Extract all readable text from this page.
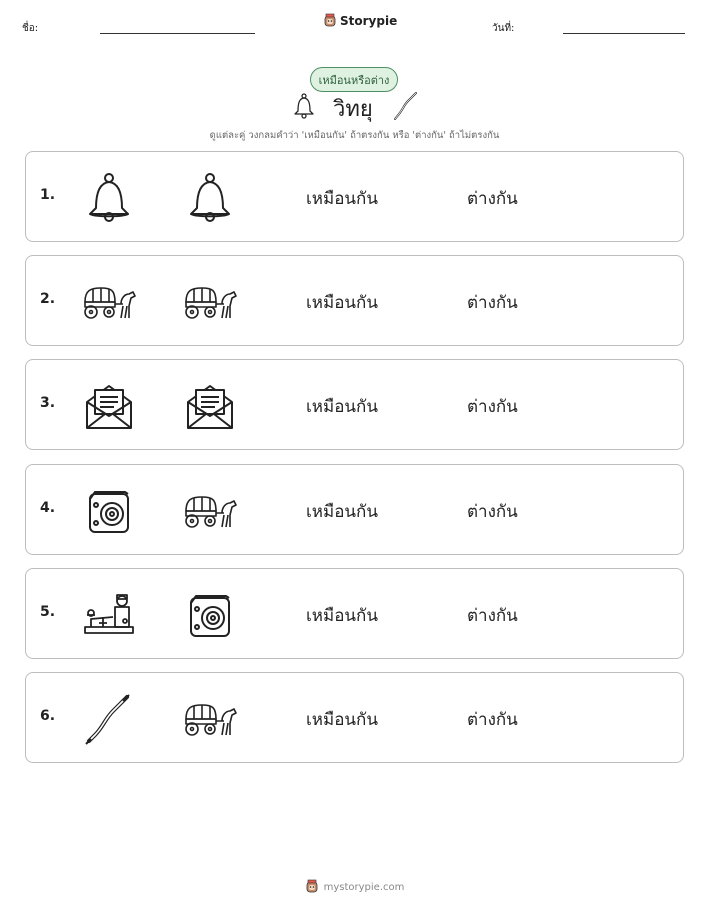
ชื่อ:
Storypie
วันที่:
เหมือนหรือต่าง
วิทยุ
ดูแต่ละคู่ วงกลมคำว่า 'เหมือนกัน' ถ้าตรงกัน หรือ 'ต่างกัน' ถ้าไม่ตรงกัน
1.	เหมือนกัน	ต่างกัน
2.	เหมือนกัน	ต่างกัน
3.	เหมือนกัน	ต่างกัน
4.	เหมือนกัน	ต่างกัน
5.	เหมือนกัน	ต่างกัน
6.	เหมือนกัน	ต่างกัน
mystorypie.com
